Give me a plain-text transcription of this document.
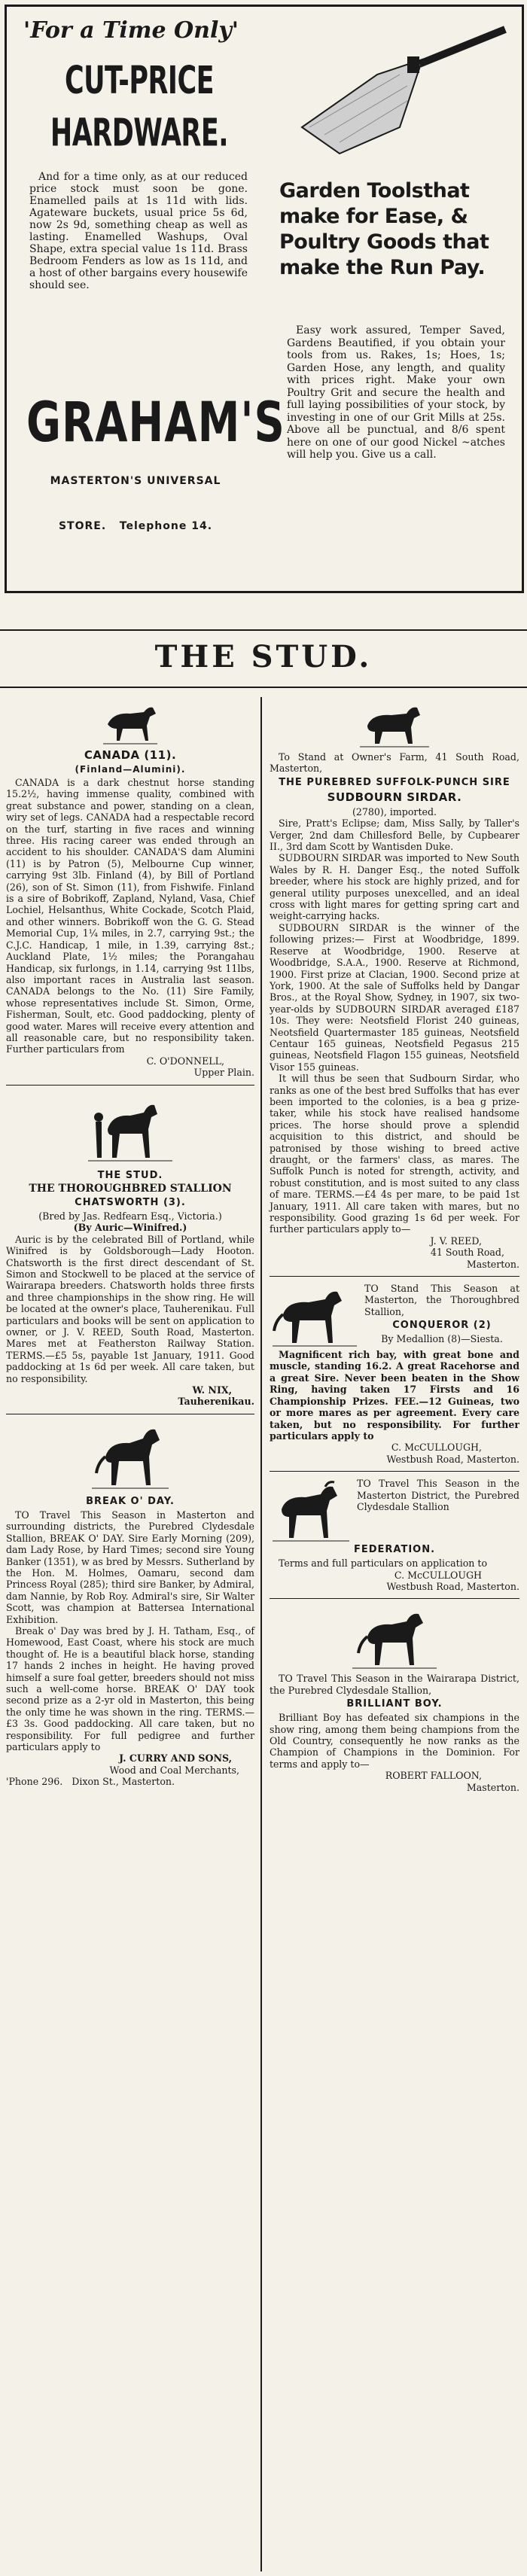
'For a Time Only'
CUT-PRICE HARDWARE.

And for a time only, as at our reduced price stock must soon be gone. Enamelled pails at 1s 11d with lids. Agateware buckets, usual price 5s 6d, now 2s 9d, something cheap as well as lasting. Enamelled Washups, Oval Shape, extra special value 1s 11d. Brass Bedroom Fenders as low as 1s 11d, and a host of other bargains every housewife should see.

Garden Toolsthat make for Ease, & Poultry Goods that make the Run Pay.
GRAHAM'S
MASTERTON'S UNIVERSAL
STORE.   Telephone 14.

Easy work assured, Temper Saved, Gardens Beautified, if you obtain your tools from us. Rakes, 1s; Hoes, 1s; Garden Hose, any length, and quality with prices right. Make your own Poultry Grit and secure the health and full laying possibilities of your stock, by investing in one of our Grit Mills at 25s. Above all be punctual, and 8/6 spent here on one of our good Nickel ~atches will help you. Give us a call.

THE STUD.
CANADA (11).
(Finland—Alumini).

CANADA is a dark chestnut horse standing 15.2½, having immense quality, combined with great substance and power, standing on a clean, wiry set of legs. CANADA had a respectable record on the turf, starting in five races and winning three. His racing career was ended through an accident to his shoulder. CANADA'S dam Alumini (11) is by Patron (5), Melbourne Cup winner, carrying 9st 3lb. Finland (4), by Bill of Portland (26), son of St. Simon (11), from Fishwife. Finland is a sire of Bobrikoff, Zapland, Nyland, Vasa, Chief Lochiel, Helsanthus, White Cockade, Scotch Plaid, and other winners. Bobrikoff won the G. G. Stead Memorial Cup, 1¼ miles, in 2.7, carrying 9st.; the C.J.C. Handicap, 1 mile, in 1.39, carrying 8st.; Auckland Plate, 1½ miles; the Porangahau Handicap, six furlongs, in 1.14, carrying 9st 11lbs, also important races in Australia last season. CANADA belongs to the No. (11) Sire Family, whose representatives include St. Simon, Orme, Fisherman, Soult, etc. Good paddocking, plenty of good water. Mares will receive every attention and all reasonable care, but no responsibility taken. Further particulars from

C. O'DONNELL,

Upper Plain.

THE STUD.

THE THOROUGHBRED STALLION

CHATSWORTH (3).

(Bred by Jas. Redfearn Esq., Victoria.)

(By Auric—Winifred.)

Auric is by the celebrated Bill of Portland, while Winifred is by Goldsborough—Lady Hooton. Chatsworth is the first direct descendant of St. Simon and Stockwell to be placed at the service of Wairarapa breeders. Chatsworth holds three firsts and three championships in the show ring. He will be located at the owner's place, Tauherenikau. Full particulars and books will be sent on application to owner, or J. V. REED, South Road, Masterton. Mares met at Featherston Railway Station. TERMS.—£5 5s, payable 1st January, 1911. Good paddocking at 1s 6d per week. All care taken, but no responsibility.

W. NIX,

Tauherenikau.

BREAK O' DAY.

TO Travel This Season in Masterton and surrounding districts, the Purebred Clydesdale Stallion, BREAK O' DAY. Sire Early Morning (209), dam Lady Rose, by Hard Times; second sire Young Banker (1351), w as bred by Messrs. Sutherland by the Hon. M. Holmes, Oamaru, second dam Princess Royal (285); third sire Banker, by Admiral, dam Nannie, by Rob Roy. Admiral's sire, Sir Walter Scott, was champion at Battersea International Exhibition.

Break o' Day was bred by J. H. Tatham, Esq., of Homewood, East Coast, where his stock are much thought of. He is a beautiful black horse, standing 17 hands 2 inches in height. He having proved himself a sure foal getter, breeders should not miss such a well-come horse. BREAK O' DAY took second prize as a 2-yr old in Masterton, this being the only time he was shown in the ring. TERMS.—£3 3s. Good paddocking. All care taken, but no responsibility. For full pedigree and further particulars apply to

J. CURRY AND SONS,

Wood and Coal Merchants,

'Phone 296.   Dixon St., Masterton.

To Stand at Owner's Farm, 41 South Road, Masterton,

THE PUREBRED SUFFOLK-PUNCH SIRE
SUDBOURN SIRDAR.

(2780), imported.

Sire, Pratt's Eclipse; dam, Miss Sally, by Taller's Verger, 2nd dam Chillesford Belle, by Cupbearer II., 3rd dam Scott by Wantisden Duke.

SUDBOURN SIRDAR was imported to New South Wales by R. H. Danger Esq., the noted Suffolk breeder, where his stock are highly prized, and for general utility purposes unexcelled, and an ideal cross with light mares for getting spring cart and weight-carrying hacks.

SUDBOURN SIRDAR is the winner of the following prizes:— First at Woodbridge, 1899. Reserve at Woodbridge, 1900. Reserve at Woodbridge, S.A.A., 1900. Reserve at Richmond, 1900. First prize at Clacian, 1900. Second prize at York, 1900. At the sale of Suffolks held by Dangar Bros., at the Royal Show, Sydney, in 1907, six two-year-olds by SUDBOURN SIRDAR averaged £187 10s. They were: Neotsfield Florist 240 guineas, Neotsfield Quartermaster 185 guineas, Neotsfield Centaur 165 guineas, Neotsfield Pegasus 215 guineas, Neotsfield Flagon 155 guineas, Neotsfield Visor 155 guineas.

It will thus be seen that Sudbourn Sirdar, who ranks as one of the best bred Suffolks that has ever been imported to the colonies, is a bea g prize-taker, while his stock have realised handsome prices. The horse should prove a splendid acquisition to this district, and should be patronised by those wishing to breed active draught, or the farmers' class, as mares. The Suffolk Punch is noted for strength, activity, and robust constitution, and is most suited to any class of mare. TERMS.—£4 4s per mare, to be paid 1st January, 1911. All care taken with mares, but no responsibility. Good grazing 1s 6d per week. For further particulars apply to—

J. V. REED,

41 South Road,

Masterton.

TO Stand This Season at Masterton, the Thoroughbred Stallion,

CONQUEROR (2)

By Medallion (8)—Siesta.

Magnificent rich bay, with great bone and muscle, standing 16.2. A great Racehorse and a great Sire. Never been beaten in the Show Ring, having taken 17 Firsts and 16 Championship Prizes. FEE.—12 Guineas, two or more mares as per agreement. Every care taken, but no responsibility. For further particulars apply to

C. McCULLOUGH,

Westbush Road, Masterton.

TO Travel This Season in the Masterton District, the Purebred Clydesdale Stallion

FEDERATION.

Terms and full particulars on application to

C. McCULLOUGH

Westbush Road, Masterton.

TO Travel This Season in the Wairarapa District, the Purebred Clydesdale Stallion,

BRILLIANT BOY.

Brilliant Boy has defeated six champions in the show ring, among them being champions from the Old Country, consequently he now ranks as the Champion of Champions in the Dominion. For terms and apply to—

ROBERT FALLOON,

Masterton.
